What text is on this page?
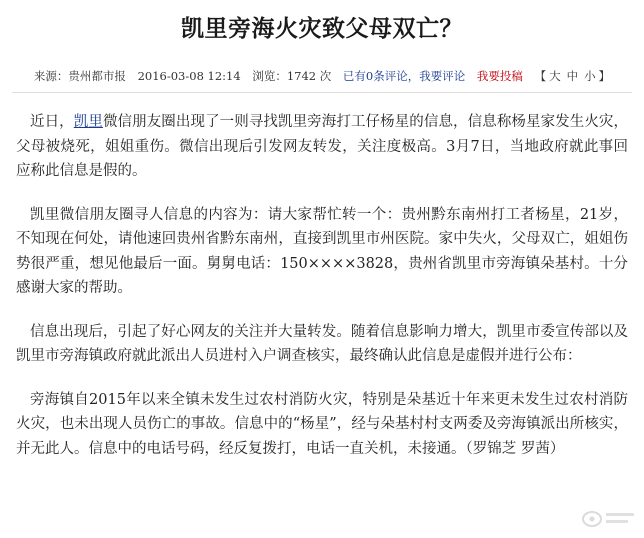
凯里旁海火灾致父母双亡？
来源：贵州都市报 2016-03-08 12:14 浏览：1742 次 已有0条评论，我要评论 我要投稿 【 大 中 小 】

近日，凯里微信朋友圈出现了一则寻找凯里旁海打工仔杨星的信息，信息称杨星家发生火灾，父母被烧死，姐姐重伤。微信出现后引发网友转发，关注度极高。3月7日，当地政府就此事回应称此信息是假的。

凯里微信朋友圈寻人信息的内容为：请大家帮忙转一个：贵州黔东南州打工者杨星，21岁，不知现在何处，请他速回贵州省黔东南州，直接到凯里市州医院。家中失火，父母双亡，姐姐伤势很严重，想见他最后一面。舅舅电话：150××××3828，贵州省凯里市旁海镇朵基村。十分感谢大家的帮助。

信息出现后，引起了好心网友的关注并大量转发。随着信息影响力增大，凯里市委宣传部以及凯里市旁海镇政府就此派出人员进村入户调查核实，最终确认此信息是虚假并进行公布：

旁海镇自2015年以来全镇未发生过农村消防火灾，特别是朵基近十年来更未发生过农村消防火灾，也未出现人员伤亡的事故。信息中的“杨星”，经与朵基村村支两委及旁海镇派出所核实，并无此人。信息中的电话号码，经反复拨打，电话一直关机，未接通。（罗锦芝 罗茜）
